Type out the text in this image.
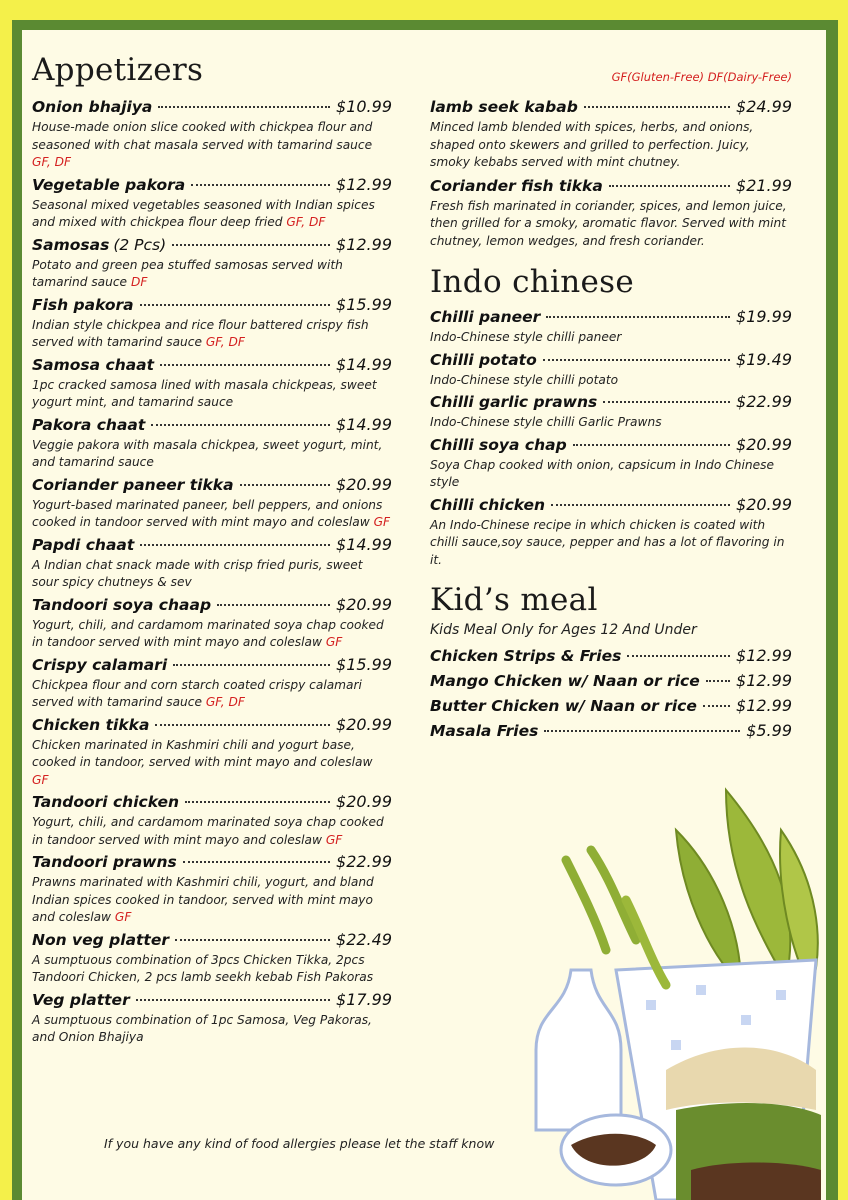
Appetizers	GF(Gluten-Free) DF(Dairy-Free)
Onion bhajiya	$10.99
House-made onion slice cooked with chickpea flour and seasoned with chat masala served with tamarind sauce GF, DF
Vegetable pakora	$12.99
Seasonal mixed vegetables seasoned with Indian spices and mixed with chickpea flour deep fried GF, DF
Samosas (2 Pcs)	$12.99
Potato and green pea stuffed samosas served with tamarind sauce DF
Fish pakora	$15.99
Indian style chickpea and rice flour battered crispy fish served with tamarind sauce GF, DF
Samosa chaat	$14.99
1pc cracked samosa lined with masala chickpeas, sweet yogurt mint, and tamarind sauce
Pakora chaat	$14.99
Veggie pakora with masala chickpea, sweet yogurt, mint, and tamarind sauce
Coriander paneer tikka	$20.99
Yogurt-based marinated paneer, bell peppers, and onions cooked in tandoor served with mint mayo and coleslaw GF
Papdi chaat	$14.99
A Indian chat snack made with crisp fried puris, sweet sour spicy chutneys & sev
Tandoori soya chaap	$20.99
Yogurt, chili, and cardamom marinated soya chap cooked in tandoor served with mint mayo and coleslaw GF
Crispy calamari	$15.99
Chickpea flour and corn starch coated crispy calamari served with tamarind sauce GF, DF
Chicken tikka	$20.99
Chicken marinated in Kashmiri chili and yogurt base, cooked in tandoor, served with mint mayo and coleslaw GF
Tandoori chicken	$20.99
Yogurt, chili, and cardamom marinated soya chap cooked in tandoor served with mint mayo and coleslaw GF
Tandoori prawns	$22.99
Prawns marinated with Kashmiri chili, yogurt, and bland Indian spices cooked in tandoor, served with mint mayo and coleslaw GF
Non veg platter	$22.49
A sumptuous combination of 3pcs Chicken Tikka, 2pcs Tandoori Chicken, 2 pcs lamb seekh kebab Fish Pakoras
Veg platter	$17.99
A sumptuous combination of 1pc Samosa, Veg Pakoras, and Onion Bhajiya
lamb seek kabab	$24.99
Minced lamb blended with spices, herbs, and onions, shaped onto skewers and grilled to perfection. Juicy, smoky kebabs served with mint chutney.
Coriander fish tikka	$21.99
Fresh fish marinated in coriander, spices, and lemon juice, then grilled for a smoky, aromatic flavor. Served with mint chutney, lemon wedges, and fresh coriander.
Indo chinese
Chilli paneer	$19.99
Indo-Chinese style chilli paneer
Chilli potato	$19.49
Indo-Chinese style chilli potato
Chilli garlic prawns	$22.99
Indo-Chinese style chilli Garlic Prawns
Chilli soya chap	$20.99
Soya Chap cooked with onion, capsicum in Indo Chinese style
Chilli chicken	$20.99
An Indo-Chinese recipe in which chicken is coated with chilli sauce,soy sauce, pepper and has a lot of flavoring in it.
Kid’s meal
Kids Meal Only for Ages 12 And Under
Chicken Strips & Fries	$12.99
Mango Chicken w/ Naan or rice $12.99
Butter Chicken w/ Naan or rice $12.99
Masala Fries	$5.99
If you have any kind of food allergies please let the staff know
